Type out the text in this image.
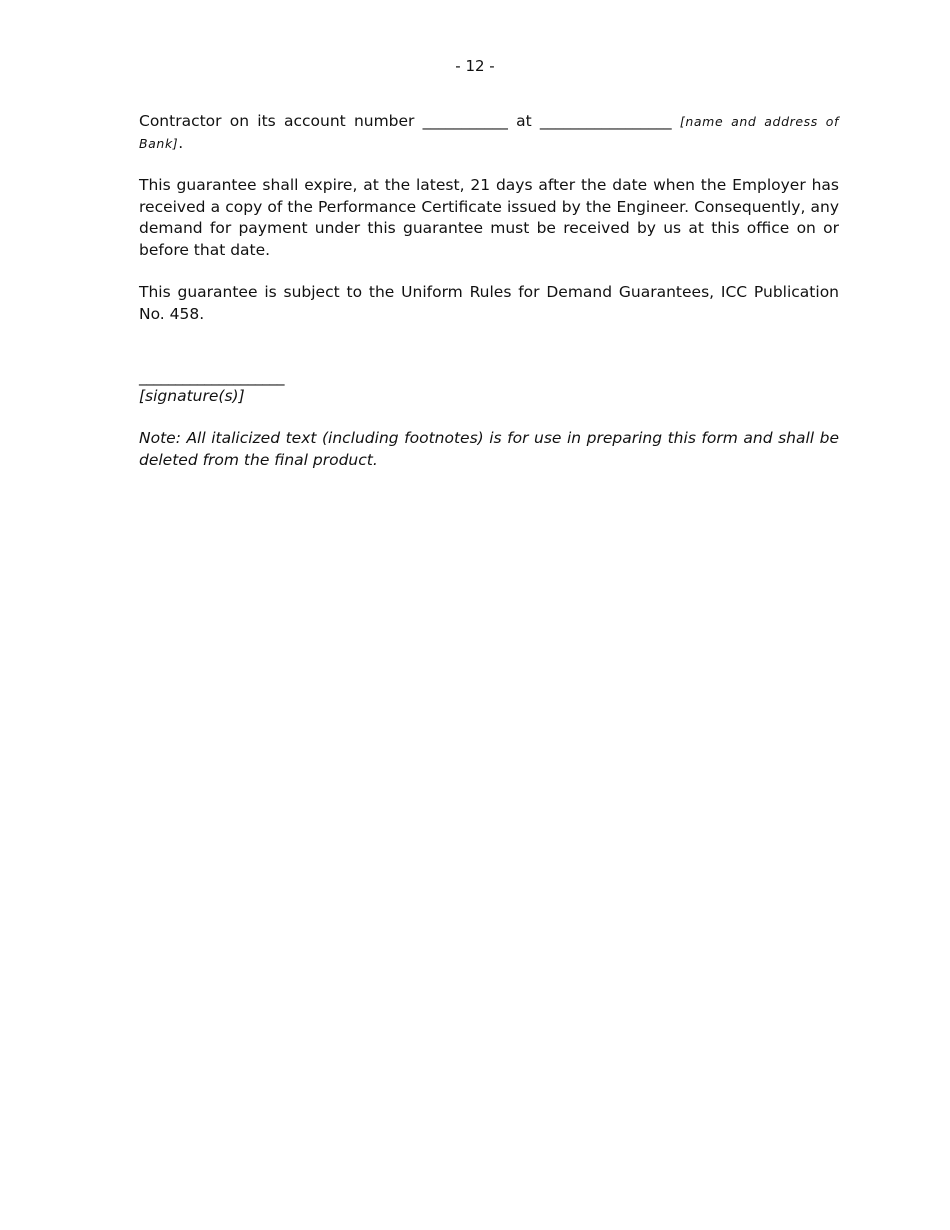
- 12 -

Contractor on its account number ___________ at _________________ [name and address of Bank].

This guarantee shall expire, at the latest, 21 days after the date when the Employer has received a copy of the Performance Certificate issued by the Engineer. Consequently, any demand for payment under this guarantee must be received by us at this office on or before that date.

This guarantee is subject to the Uniform Rules for Demand Guarantees, ICC Publication No. 458.

____________________
[signature(s)]

Note: All italicized text (including footnotes) is for use in preparing this form and shall be deleted from the final product.
